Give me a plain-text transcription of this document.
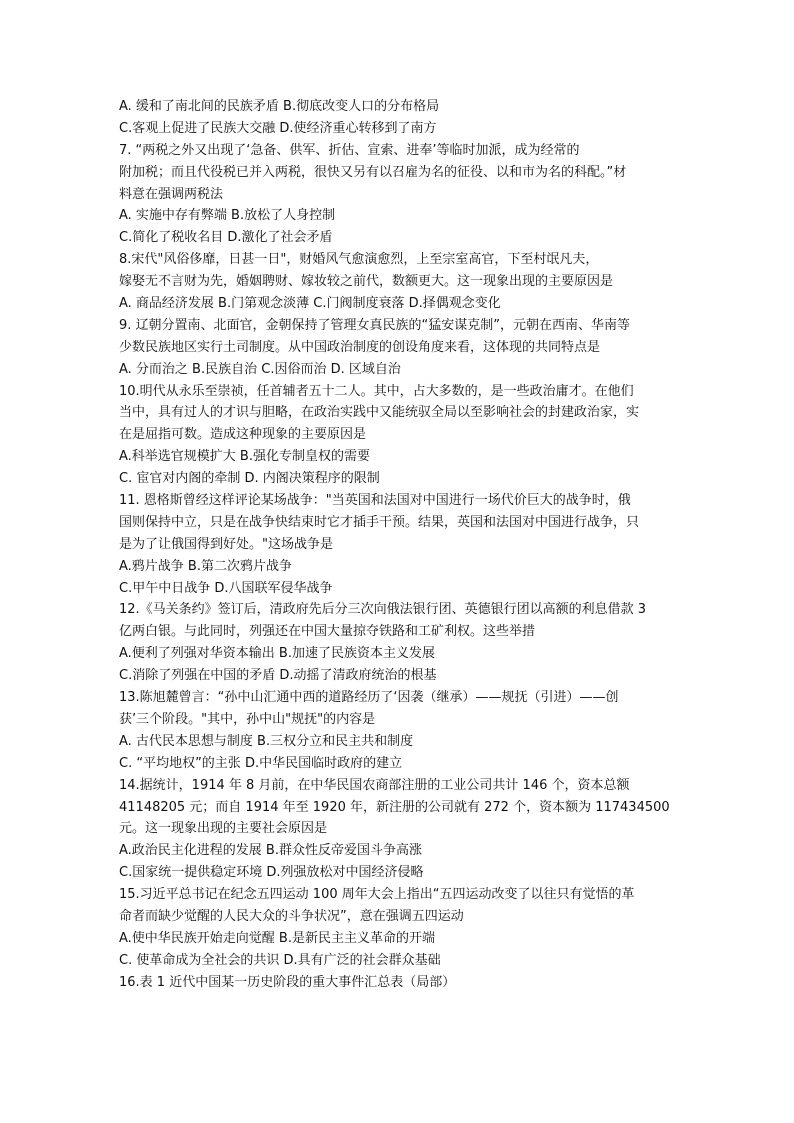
A. 缓和了南北间的民族矛盾 B.彻底改变人口的分布格局
C.客观上促进了民族大交融 D.使经济重心转移到了南方
7. “两税之外又出现了‘急备、供军、折估、宣索、进奉’等临时加派，成为经常的
附加税；而且代役税已并入两税，很快又另有以召雇为名的征役、以和市为名的科配。”材
料意在强调两税法
A. 实施中存有弊端 B.放松了人身控制
C.简化了税收名目 D.激化了社会矛盾
8.宋代"风俗侈靡，日甚一日"，财婚风气愈演愈烈，上至宗室高官，下至村氓凡夫，
嫁娶无不言财为先，婚姻聘财、嫁妆较之前代，数额更大。这一现象出现的主要原因是
A. 商品经济发展 B.门第观念淡薄 C.门阀制度衰落 D.择偶观念变化
9. 辽朝分置南、北面官，金朝保持了管理女真民族的“猛安谋克制”，元朝在西南、华南等
少数民族地区实行土司制度。从中国政治制度的创设角度来看，这体现的共同特点是
A. 分而治之 B.民族自治 C.因俗而治 D. 区域自治
10.明代从永乐至崇祯，任首辅者五十二人。其中，占大多数的，是一些政治庸才。在他们
当中，具有过人的才识与胆略，在政治实践中又能统驭全局以至影响社会的封建政治家，实
在是屈指可数。造成这种现象的主要原因是
A.科举选官规模扩大 B.强化专制皇权的需要
C. 宦官对内阁的牵制 D. 内阁决策程序的限制
11. 恩格斯曾经这样评论某场战争："当英国和法国对中国进行一场代价巨大的战争时，俄
国则保持中立，只是在战争快结束时它才插手干预。结果，英国和法国对中国进行战争，只
是为了让俄国得到好处。"这场战争是
A.鸦片战争 B.第二次鸦片战争
C.甲午中日战争 D.八国联军侵华战争
12.《马关条约》签订后，清政府先后分三次向俄法银行团、英德银行团以高额的利息借款 3
亿两白银。与此同时，列强还在中国大量掠夺铁路和工矿利权。这些举措
A.便利了列强对华资本输出 B.加速了民族资本主义发展
C.消除了列强在中国的矛盾 D.动摇了清政府统治的根基
13.陈旭麓曾言：“孙中山汇通中西的道路经历了‘因袭（继承）——规抚（引进）——创
获’三个阶段。"其中，孙中山"规抚"的内容是
A. 古代民本思想与制度 B.三权分立和民主共和制度
C. “平均地权”的主张 D.中华民国临时政府的建立
14.据统计，1914 年 8 月前，在中华民国农商部注册的工业公司共计 146 个，资本总额
41148205 元；而自 1914 年至 1920 年，新注册的公司就有 272 个，资本额为 117434500
元。这一现象出现的主要社会原因是
A.政治民主化进程的发展 B.群众性反帝爱国斗争高涨
C.国家统一提供稳定环境 D.列强放松对中国经济侵略
15.习近平总书记在纪念五四运动 100 周年大会上指出“五四运动改变了以往只有觉悟的革
命者而缺少觉醒的人民大众的斗争状况”，意在强调五四运动
A.使中华民族开始走向觉醒 B.是新民主主义革命的开端
C. 使革命成为全社会的共识 D.具有广泛的社会群众基础
16.表 1 近代中国某一历史阶段的重大事件汇总表（局部）
